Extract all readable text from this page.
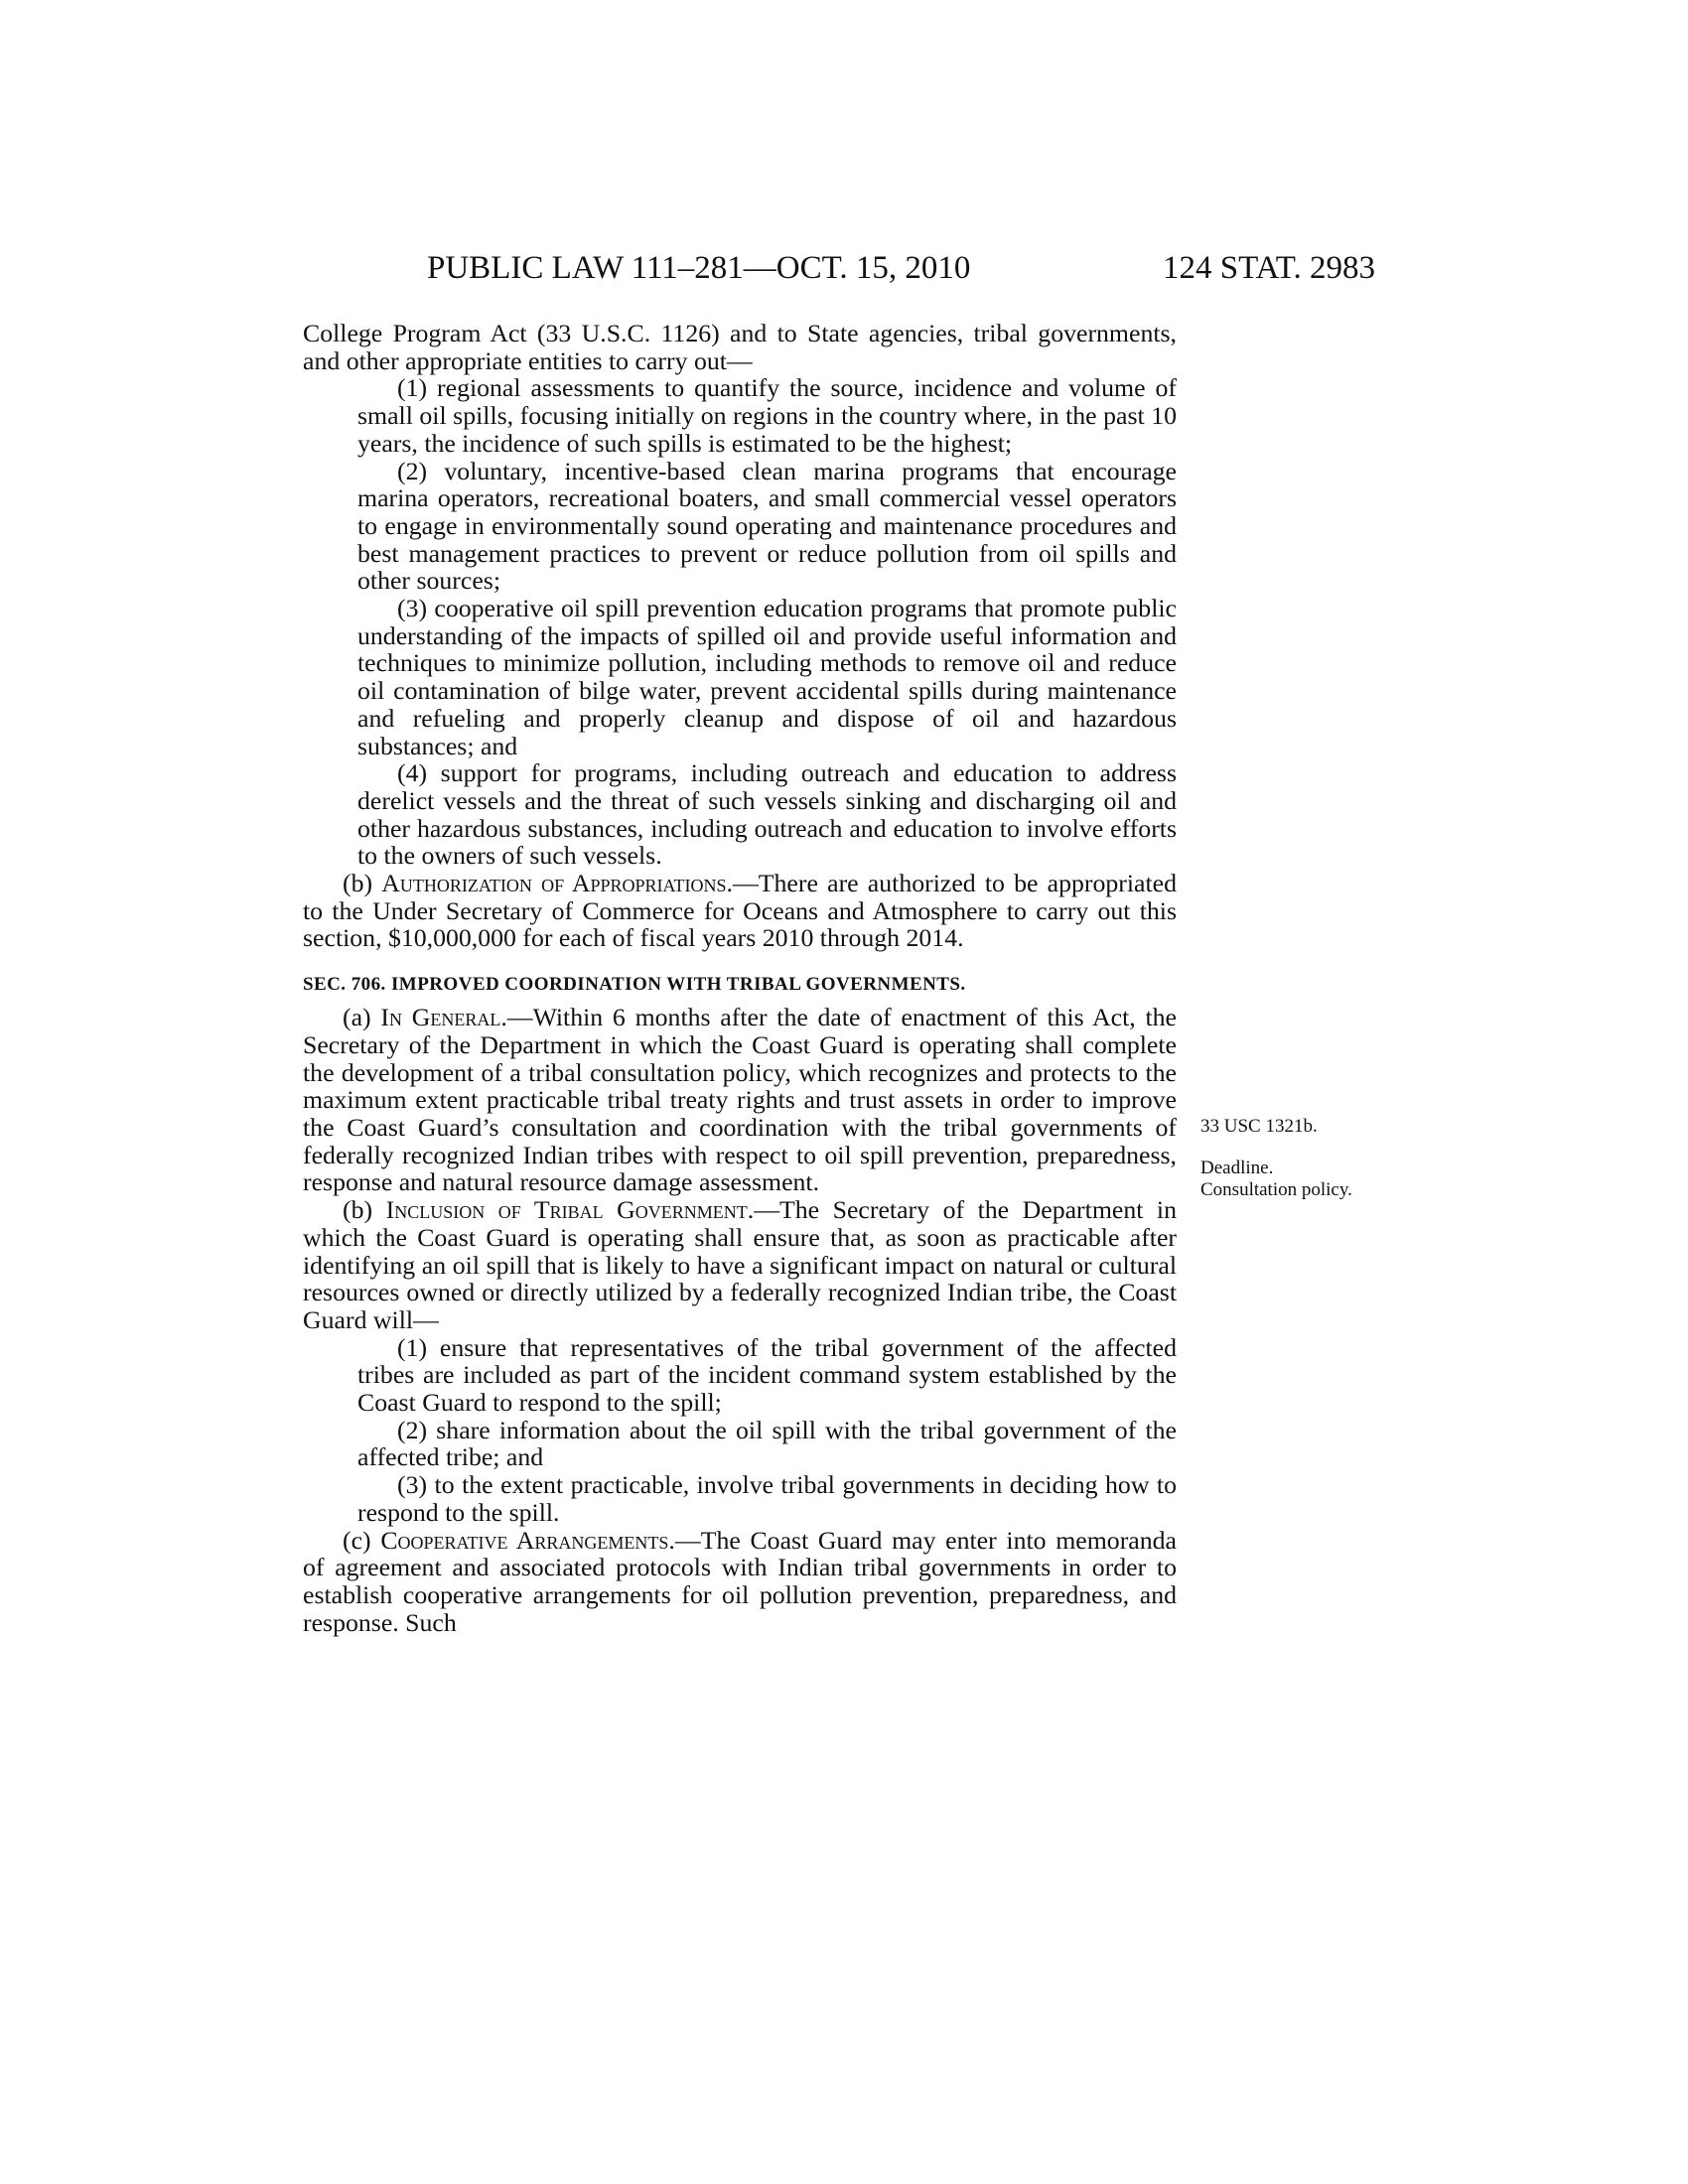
PUBLIC LAW 111–281—OCT. 15, 2010	124 STAT. 2983

College Program Act (33 U.S.C. 1126) and to State agencies, tribal governments, and other appropriate entities to carry out—

(1) regional assessments to quantify the source, incidence and volume of small oil spills, focusing initially on regions in the country where, in the past 10 years, the incidence of such spills is estimated to be the highest;

(2) voluntary, incentive-based clean marina programs that encourage marina operators, recreational boaters, and small commercial vessel operators to engage in environmentally sound operating and maintenance procedures and best management practices to prevent or reduce pollution from oil spills and other sources;

(3) cooperative oil spill prevention education programs that promote public understanding of the impacts of spilled oil and provide useful information and techniques to minimize pollution, including methods to remove oil and reduce oil contamination of bilge water, prevent accidental spills during maintenance and refueling and properly cleanup and dispose of oil and hazardous substances; and

(4) support for programs, including outreach and education to address derelict vessels and the threat of such vessels sinking and discharging oil and other hazardous substances, including outreach and education to involve efforts to the owners of such vessels.

(b) Authorization of Appropriations.—There are authorized to be appropriated to the Under Secretary of Commerce for Oceans and Atmosphere to carry out this section, $10,000,000 for each of fiscal years 2010 through 2014.

SEC. 706. IMPROVED COORDINATION WITH TRIBAL GOVERNMENTS.

(a) In General.—Within 6 months after the date of enactment of this Act, the Secretary of the Department in which the Coast Guard is operating shall complete the development of a tribal consultation policy, which recognizes and protects to the maximum extent practicable tribal treaty rights and trust assets in order to improve the Coast Guard’s consultation and coordination with the tribal governments of federally recognized Indian tribes with respect to oil spill prevention, preparedness, response and natural resource damage assessment.

(b) Inclusion of Tribal Government.—The Secretary of the Department in which the Coast Guard is operating shall ensure that, as soon as practicable after identifying an oil spill that is likely to have a significant impact on natural or cultural resources owned or directly utilized by a federally recognized Indian tribe, the Coast Guard will—

(1) ensure that representatives of the tribal government of the affected tribes are included as part of the incident command system established by the Coast Guard to respond to the spill;

(2) share information about the oil spill with the tribal government of the affected tribe; and

(3) to the extent practicable, involve tribal governments in deciding how to respond to the spill.

(c) Cooperative Arrangements.—The Coast Guard may enter into memoranda of agreement and associated protocols with Indian tribal governments in order to establish cooperative arrangements for oil pollution prevention, preparedness, and response. Such

33 USC 1321b.
Deadline. Consultation policy.
